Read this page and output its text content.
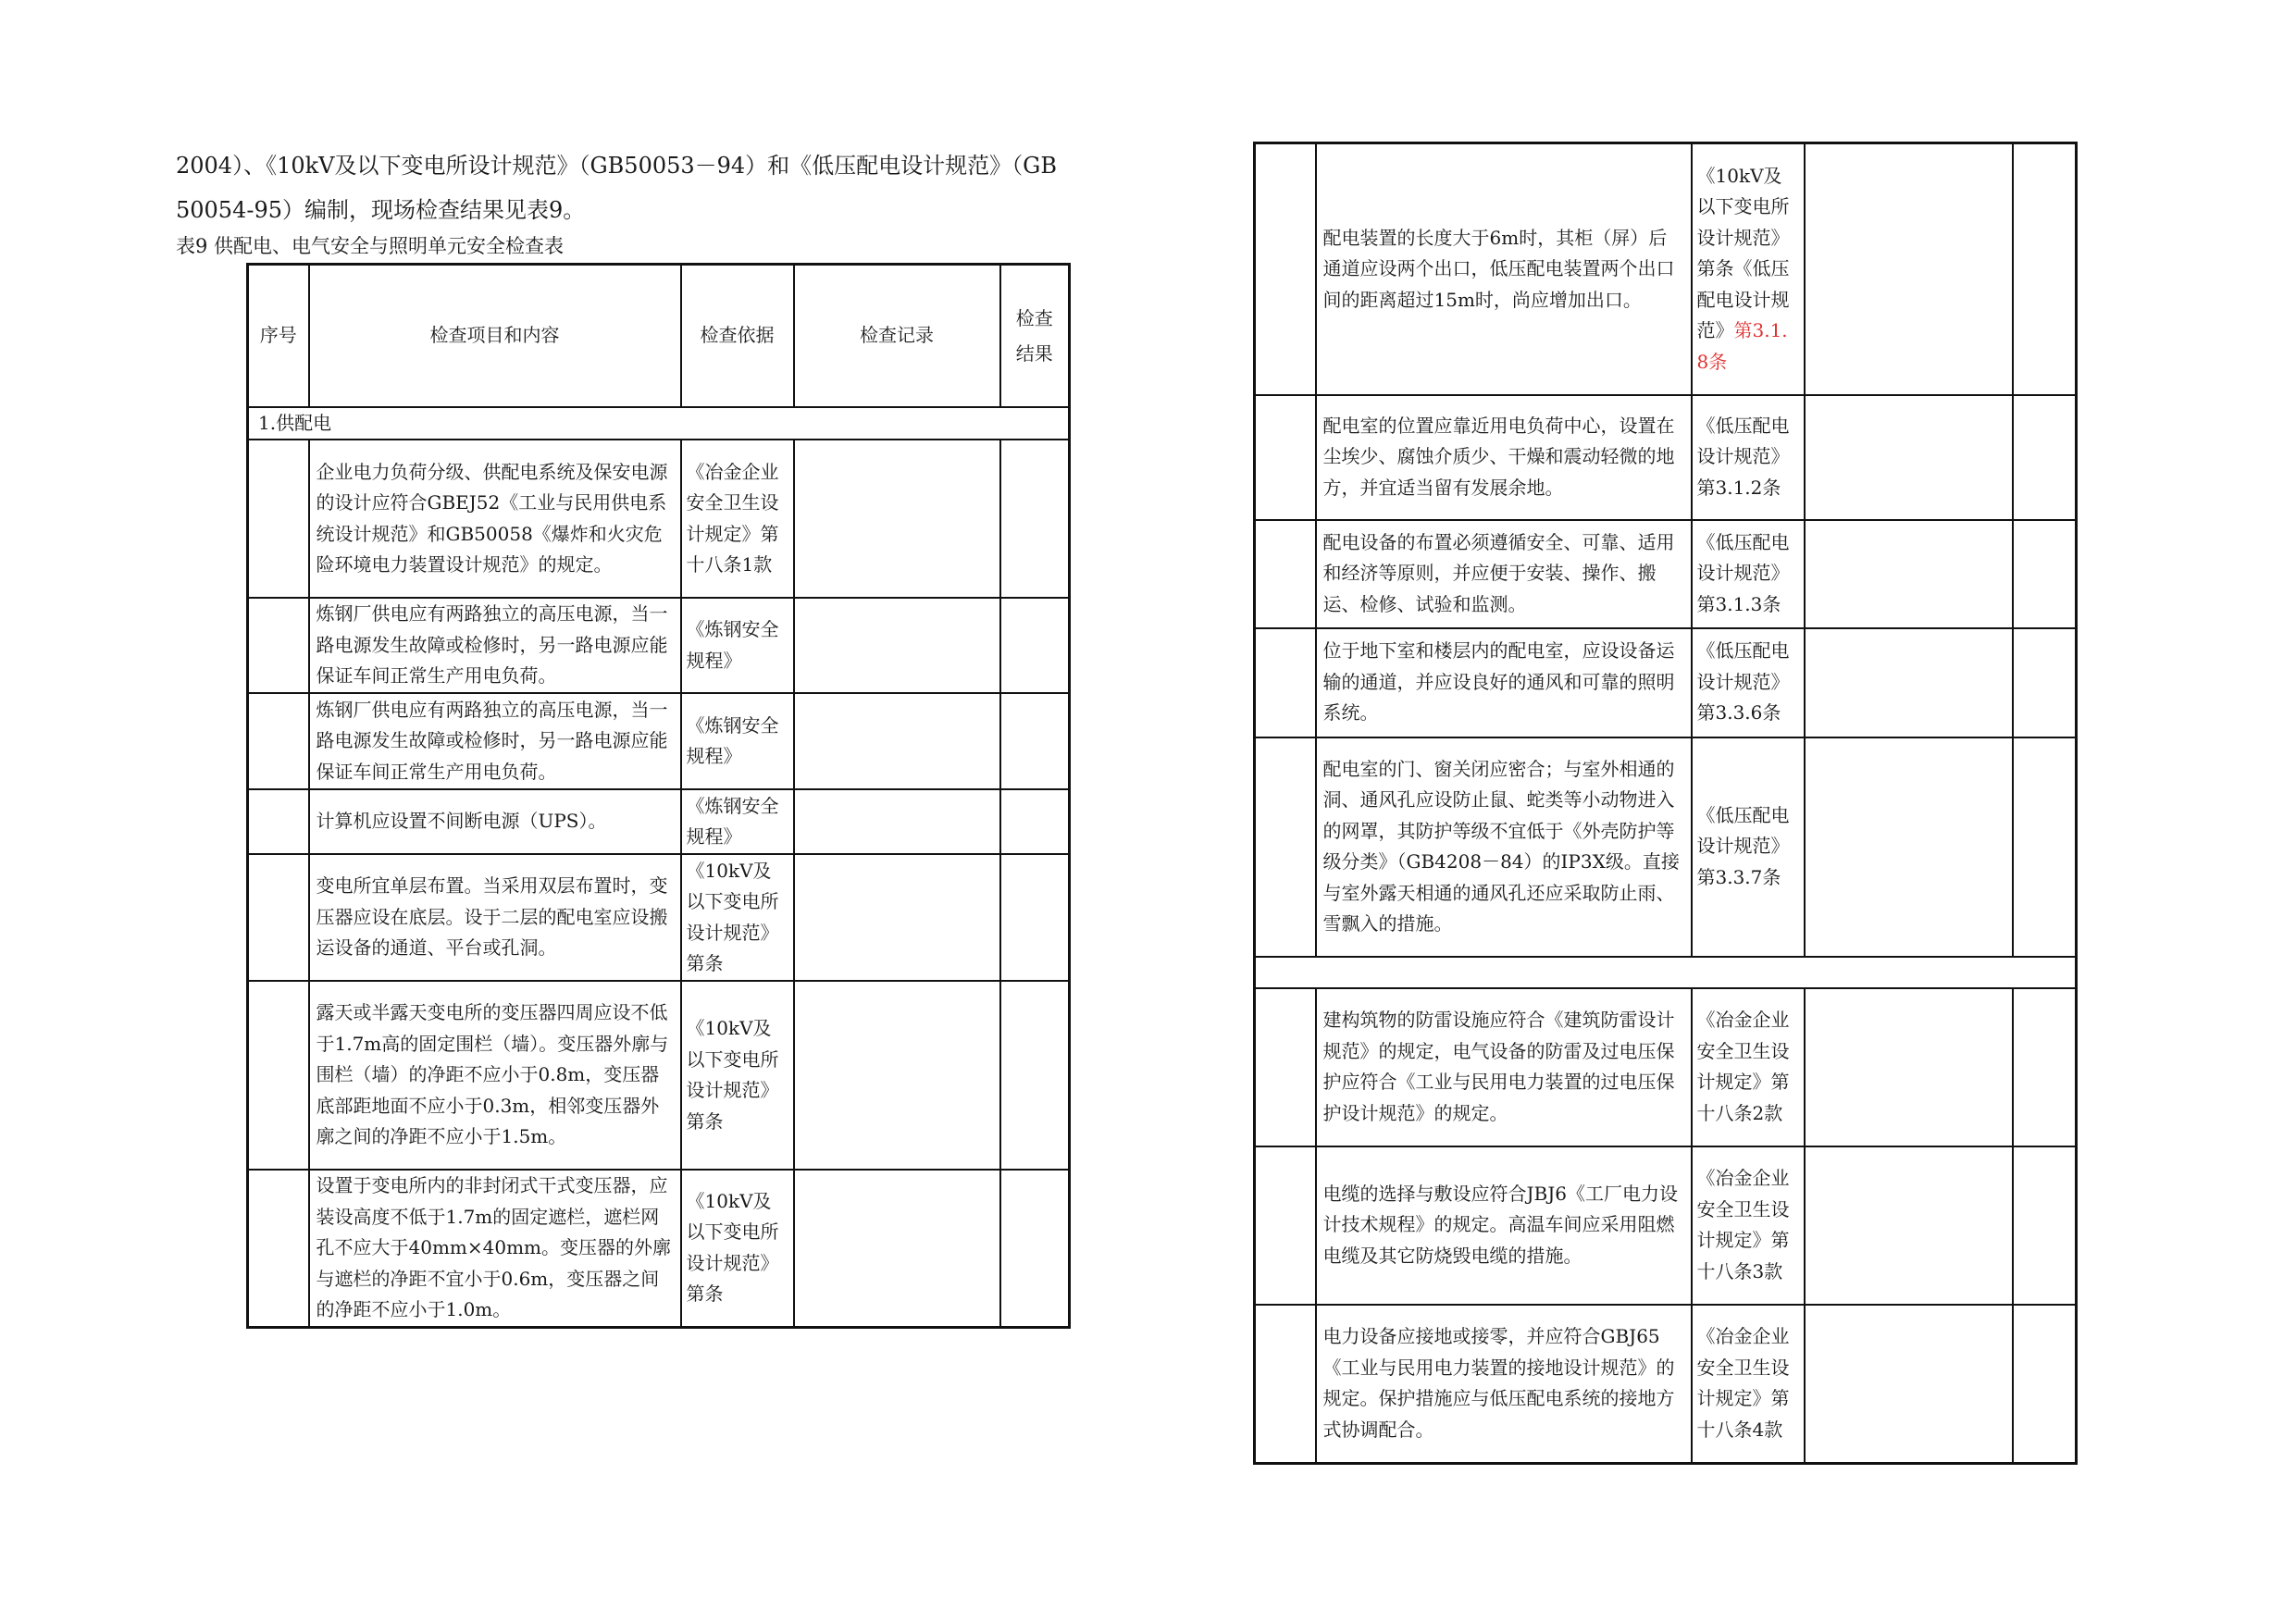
2004）、《10kV及以下变电所设计规范》（GB50053－94）和《低压配电设计规范》（GB
50054-95）编制，现场检查结果见表9。
表9 供配电、电气安全与照明单元安全检查表
序号	检查项目和内容	检查依据	检查记录	检查结果
1.供配电				
	企业电力负荷分级、供配电系统及保安电源的设计应符合GBEJ52《工业与民用供电系统设计规范》和GB50058《爆炸和火灾危险环境电力装置设计规范》的规定。	《冶金企业安全卫生设计规定》第十八条1款		
	炼钢厂供电应有两路独立的高压电源，当一路电源发生故障或检修时，另一路电源应能保证车间正常生产用电负荷。	《炼钢安全规程》		
	炼钢厂供电应有两路独立的高压电源，当一路电源发生故障或检修时，另一路电源应能保证车间正常生产用电负荷。	《炼钢安全规程》		
	计算机应设置不间断电源（UPS）。	《炼钢安全规程》		
	变电所宜单层布置。当采用双层布置时，变压器应设在底层。设于二层的配电室应设搬运设备的通道、平台或孔洞。	《10kV及以下变电所设计规范》第条		
	露天或半露天变电所的变压器四周应设不低于1.7m高的固定围栏（墙）。变压器外廓与围栏（墙）的净距不应小于0.8m，变压器底部距地面不应小于0.3m，相邻变压器外廓之间的净距不应小于1.5m。	《10kV及以下变电所设计规范》第条		
	设置于变电所内的非封闭式干式变压器，应装设高度不低于1.7m的固定遮栏，遮栏网孔不应大于40mm×40mm。变压器的外廓与遮栏的净距不宜小于0.6m，变压器之间的净距不应小于1.0m。	《10kV及以下变电所设计规范》第条		
	配电装置的长度大于6m时，其柜（屏）后通道应设两个出口，低压配电装置两个出口间的距离超过15m时，尚应增加出口。	《10kV及以下变电所设计规范》第条《低压配电设计规范》第3.1.8条		
	配电室的位置应靠近用电负荷中心，设置在尘埃少、腐蚀介质少、干燥和震动轻微的地方，并宜适当留有发展余地。	《低压配电设计规范》第3.1.2条		
	配电设备的布置必须遵循安全、可靠、适用和经济等原则，并应便于安装、操作、搬运、检修、试验和监测。	《低压配电设计规范》第3.1.3条		
	位于地下室和楼层内的配电室，应设设备运输的通道，并应设良好的通风和可靠的照明系统。	《低压配电设计规范》第3.3.6条		
	配电室的门、窗关闭应密合；与室外相通的洞、通风孔应设防止鼠、蛇类等小动物进入的网罩，其防护等级不宜低于《外壳防护等级分类》（GB4208－84）的IP3X级。直接与室外露天相通的通风孔还应采取防止雨、雪飘入的措施。	《低压配电设计规范》第3.3.7条		

	建构筑物的防雷设施应符合《建筑防雷设计规范》的规定，电气设备的防雷及过电压保护应符合《工业与民用电力装置的过电压保护设计规范》的规定。	《冶金企业安全卫生设计规定》第十八条2款		
	电缆的选择与敷设应符合JBJ6《工厂电力设计技术规程》的规定。高温车间应采用阻燃电缆及其它防烧毁电缆的措施。	《冶金企业安全卫生设计规定》第十八条3款		
	电力设备应接地或接零，并应符合GBJ65《工业与民用电力装置的接地设计规范》的规定。保护措施应与低压配电系统的接地方式协调配合。	《冶金企业安全卫生设计规定》第十八条4款		
